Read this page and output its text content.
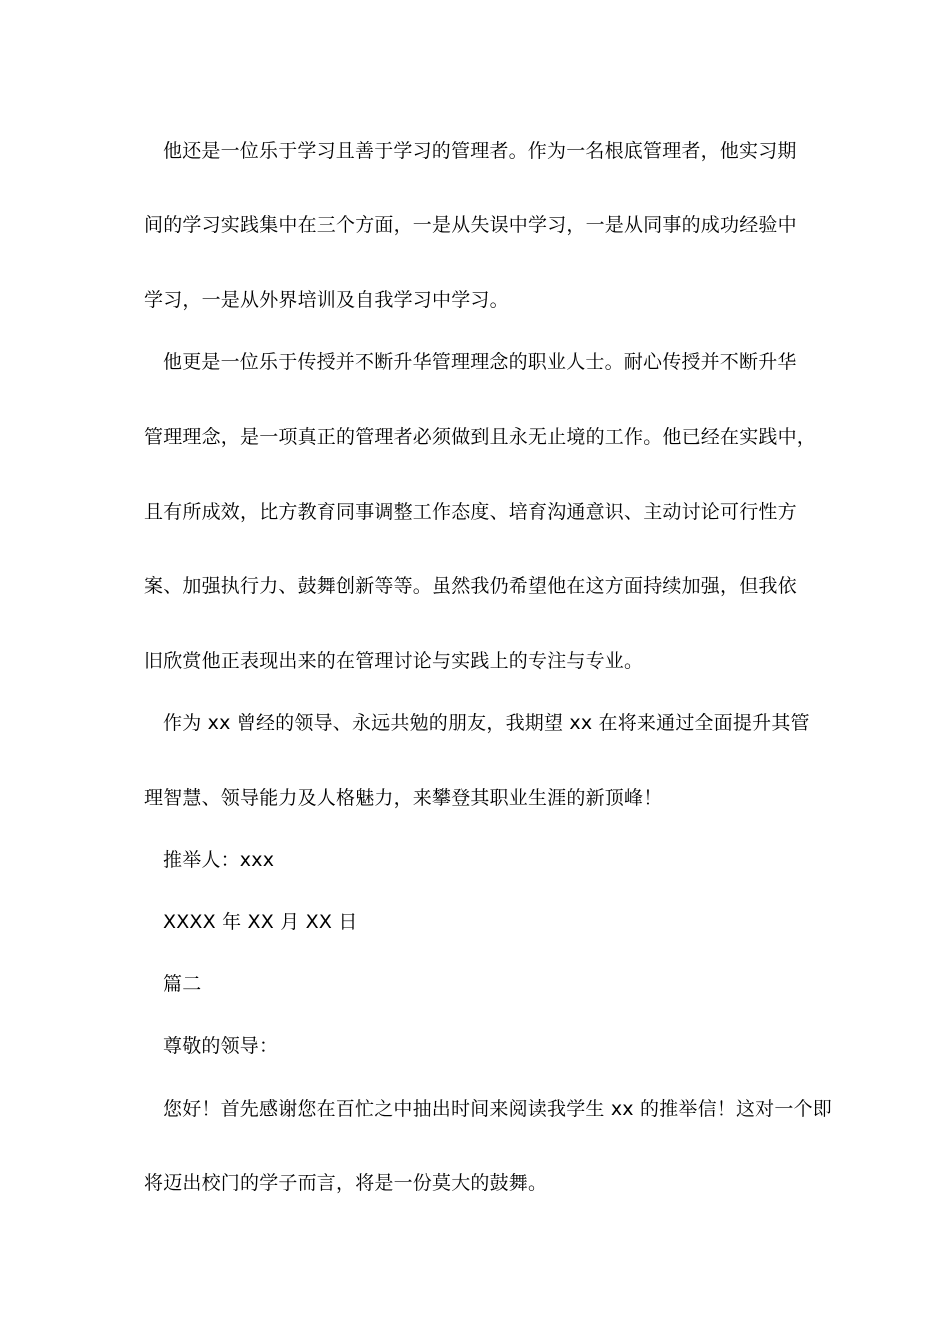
他还是一位乐于学习且善于学习的管理者。作为一名根底管理者，他实习期
间的学习实践集中在三个方面，一是从失误中学习，一是从同事的成功经验中
学习，一是从外界培训及自我学习中学习。
他更是一位乐于传授并不断升华管理理念的职业人士。耐心传授并不断升华
管理理念，是一项真正的管理者必须做到且永无止境的工作。他已经在实践中，
且有所成效，比方教育同事调整工作态度、培育沟通意识、主动讨论可行性方
案、加强执行力、鼓舞创新等等。虽然我仍希望他在这方面持续加强，但我依
旧欣赏他正表现出来的在管理讨论与实践上的专注与专业。
作为 xx 曾经的领导、永远共勉的朋友，我期望 xx 在将来通过全面提升其管
理智慧、领导能力及人格魅力，来攀登其职业生涯的新顶峰！
推举人：xxx
XXXX 年 XX 月 XX 日
篇二
尊敬的领导：
您好！首先感谢您在百忙之中抽出时间来阅读我学生 xx 的推举信！这对一个即
将迈出校门的学子而言，将是一份莫大的鼓舞。
